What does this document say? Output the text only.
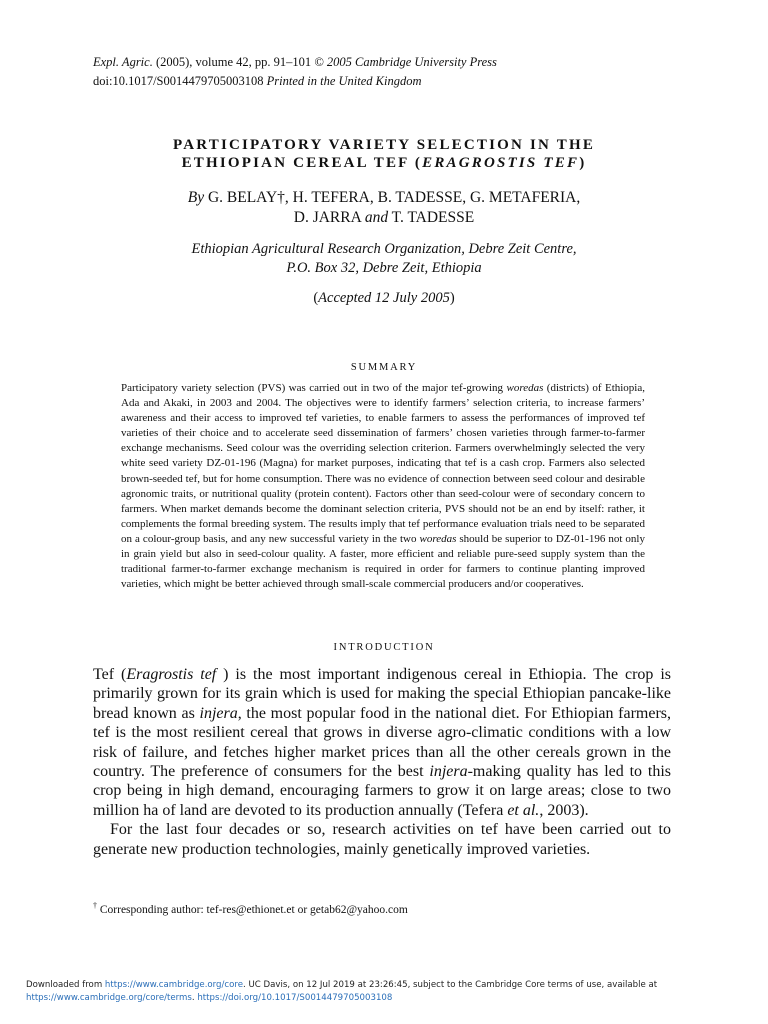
Expl. Agric. (2005), volume 42, pp. 91–101 © 2005 Cambridge University Press
doi:10.1017/S0014479705003108 Printed in the United Kingdom
PARTICIPATORY VARIETY SELECTION IN THE
ETHIOPIAN CEREAL TEF (ERAGROSTIS TEF)
By G. BELAY†, H. TEFERA, B. TADESSE, G. METAFERIA,
D. JARRA and T. TADESSE
Ethiopian Agricultural Research Organization, Debre Zeit Centre,
P.O. Box 32, Debre Zeit, Ethiopia
(Accepted 12 July 2005)
SUMMARY
Participatory variety selection (PVS) was carried out in two of the major tef-growing woredas (districts) of Ethiopia, Ada and Akaki, in 2003 and 2004. The objectives were to identify farmers’ selection criteria, to increase farmers’ awareness and their access to improved tef varieties, to enable farmers to assess the performances of improved tef varieties of their choice and to accelerate seed dissemination of farmers’ chosen varieties through farmer-to-farmer exchange mechanisms. Seed colour was the overriding selection criterion. Farmers overwhelmingly selected the very white seed variety DZ-01-196 (Magna) for market purposes, indicating that tef is a cash crop. Farmers also selected brown-seeded tef, but for home consumption. There was no evidence of connection between seed colour and desirable agronomic traits, or nutritional quality (protein content). Factors other than seed-colour were of secondary concern to farmers. When market demands become the dominant selection criteria, PVS should not be an end by itself: rather, it complements the formal breeding system. The results imply that tef performance evaluation trials need to be separated on a colour-group basis, and any new successful variety in the two woredas should be superior to DZ-01-196 not only in grain yield but also in seed-colour quality. A faster, more efficient and reliable pure-seed supply system than the traditional farmer-to-farmer exchange mechanism is required in order for farmers to continue planting improved varieties, which might be better achieved through small-scale commercial producers and/or cooperatives.
INTRODUCTION

Tef (Eragrostis tef ) is the most important indigenous cereal in Ethiopia. The crop is primarily grown for its grain which is used for making the special Ethiopian pancake-like bread known as injera, the most popular food in the national diet. For Ethiopian farmers, tef is the most resilient cereal that grows in diverse agro-climatic conditions with a low risk of failure, and fetches higher market prices than all the other cereals grown in the country. The preference of consumers for the best injera-making quality has led to this crop being in high demand, encouraging farmers to grow it on large areas; close to two million ha of land are devoted to its production annually (Tefera et al., 2003).

For the last four decades or so, research activities on tef have been carried out to generate new production technologies, mainly genetically improved varieties.

† Corresponding author: tef-res@ethionet.et or getab62@yahoo.com
Downloaded from https://www.cambridge.org/core. UC Davis, on 12 Jul 2019 at 23:26:45, subject to the Cambridge Core terms of use, available at
https://www.cambridge.org/core/terms. https://doi.org/10.1017/S0014479705003108
